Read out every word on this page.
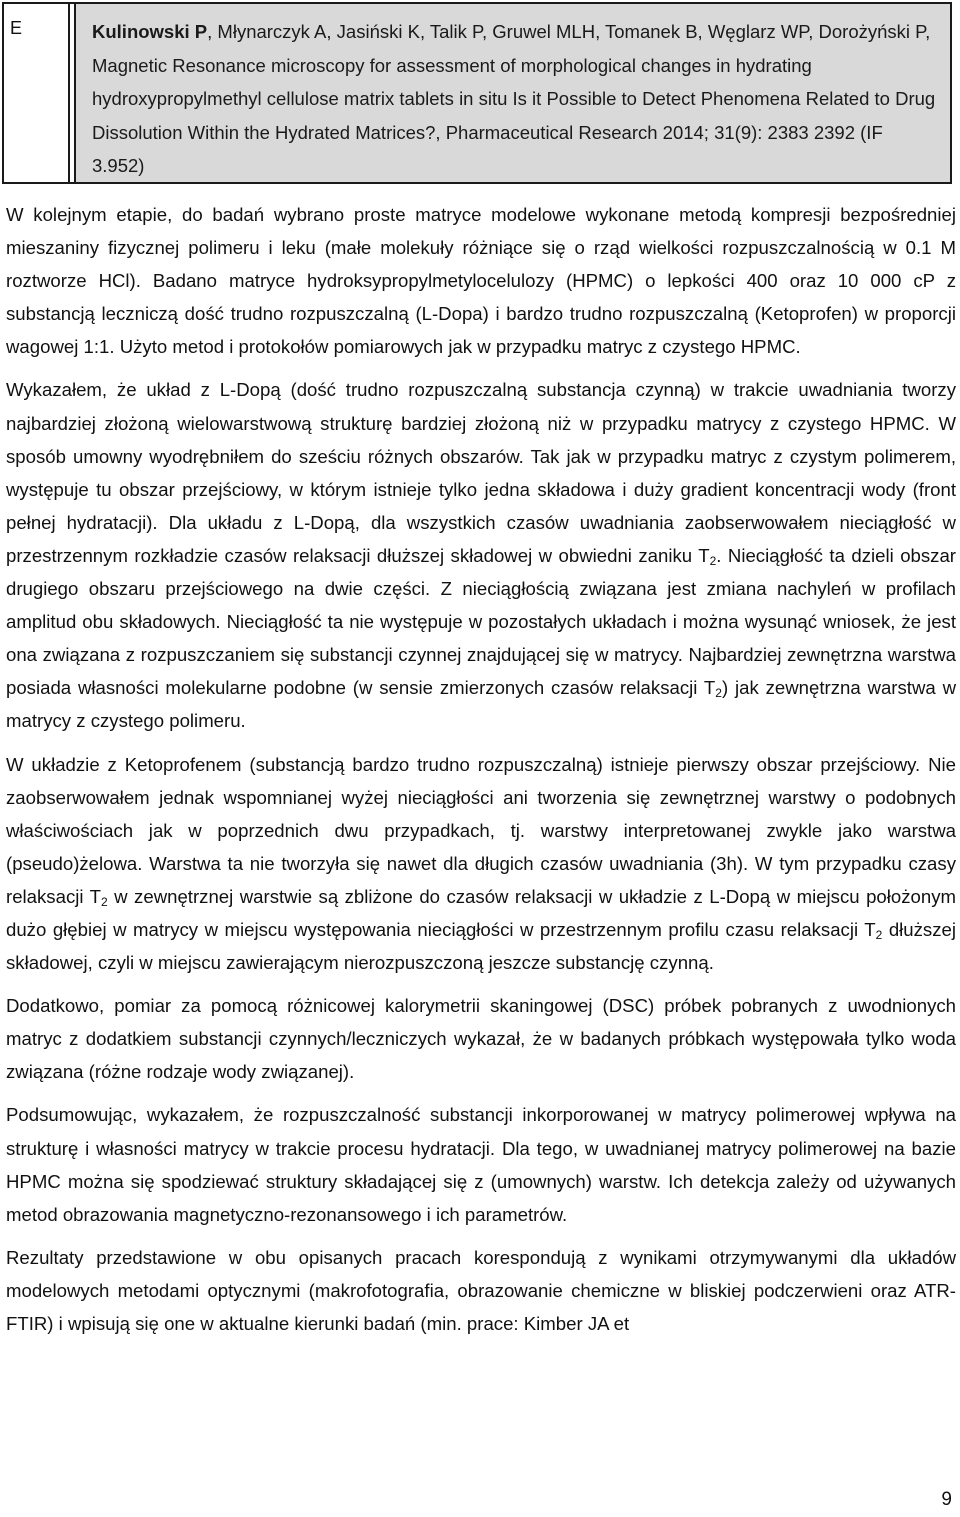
E	Kulinowski P, Młynarczyk A, Jasiński K, Talik P, Gruwel MLH, Tomanek B, Węglarz WP, Dorożyński P, Magnetic Resonance microscopy for assessment of morphological changes in hydrating hydroxypropylmethyl cellulose matrix tablets in situ Is it Possible to Detect Phenomena Related to Drug Dissolution Within the Hydrated Matrices?, Pharmaceutical Research 2014; 31(9): 2383 2392 (IF 3.952)

W kolejnym etapie, do badań wybrano proste matryce modelowe wykonane metodą kompresji bezpośredniej mieszaniny fizycznej polimeru i leku (małe molekuły różniące się o rząd wielkości rozpuszczalnością w 0.1 M roztworze HCl). Badano matryce hydroksypropylmetylocelulozy (HPMC) o lepkości 400 oraz 10 000 cP z substancją leczniczą dość trudno rozpuszczalną (L-Dopa) i bardzo trudno rozpuszczalną (Ketoprofen) w proporcji wagowej 1:1. Użyto metod i protokołów pomiarowych jak w przypadku matryc z czystego HPMC.

Wykazałem, że układ z L-Dopą (dość trudno rozpuszczalną substancja czynną) w trakcie uwadniania tworzy najbardziej złożoną wielowarstwową strukturę bardziej złożoną niż w przypadku matrycy z czystego HPMC. W sposób umowny wyodrębniłem do sześciu różnych obszarów. Tak jak w przypadku matryc z czystym polimerem, występuje tu obszar przejściowy, w którym istnieje tylko jedna składowa i duży gradient koncentracji wody (front pełnej hydratacji). Dla układu z L-Dopą, dla wszystkich czasów uwadniania zaobserwowałem nieciągłość w przestrzennym rozkładzie czasów relaksacji dłuższej składowej w obwiedni zaniku $T_2$. Nieciągłość ta dzieli obszar drugiego obszaru przejściowego na dwie części. Z nieciągłością związana jest zmiana nachyleń w profilach amplitud obu składowych. Nieciągłość ta nie występuje w pozostałych układach i można wysunąć wniosek, że jest ona związana z rozpuszczaniem się substancji czynnej znajdującej się w matrycy. Najbardziej zewnętrzna warstwa posiada własności molekularne podobne (w sensie zmierzonych czasów relaksacji $T_2$) jak zewnętrzna warstwa w matrycy z czystego polimeru.

W układzie z Ketoprofenem (substancją bardzo trudno rozpuszczalną) istnieje pierwszy obszar przejściowy. Nie zaobserwowałem jednak wspomnianej wyżej nieciągłości ani tworzenia się zewnętrznej warstwy o podobnych właściwościach jak w poprzednich dwu przypadkach, tj. warstwy interpretowanej zwykle jako warstwa (pseudo)żelowa. Warstwa ta nie tworzyła się nawet dla długich czasów uwadniania (3h). W tym przypadku czasy relaksacji $T_2$ w zewnętrznej warstwie są zbliżone do czasów relaksacji w układzie z L-Dopą w miejscu położonym dużo głębiej w matrycy w miejscu występowania nieciągłości w przestrzennym profilu czasu relaksacji $T_2$ dłuższej składowej, czyli w miejscu zawierającym nierozpuszczoną jeszcze substancję czynną.

Dodatkowo, pomiar za pomocą różnicowej kalorymetrii skaningowej (DSC) próbek pobranych z uwodnionych matryc z dodatkiem substancji czynnych/leczniczych wykazał, że w badanych próbkach występowała tylko woda związana (różne rodzaje wody związanej).

Podsumowując, wykazałem, że rozpuszczalność substancji inkorporowanej w matrycy polimerowej wpływa na strukturę i własności matrycy w trakcie procesu hydratacji. Dla tego, w uwadnianej matrycy polimerowej na bazie HPMC można się spodziewać struktury składającej się z (umownych) warstw. Ich detekcja zależy od używanych metod obrazowania magnetyczno-rezonansowego i ich parametrów.

Rezultaty przedstawione w obu opisanych pracach korespondują z wynikami otrzymywanymi dla układów modelowych metodami optycznymi (makrofotografia, obrazowanie chemiczne w bliskiej podczerwieni oraz ATR-FTIR) i wpisują się one w aktualne kierunki badań (min. prace: Kimber JA et

9
